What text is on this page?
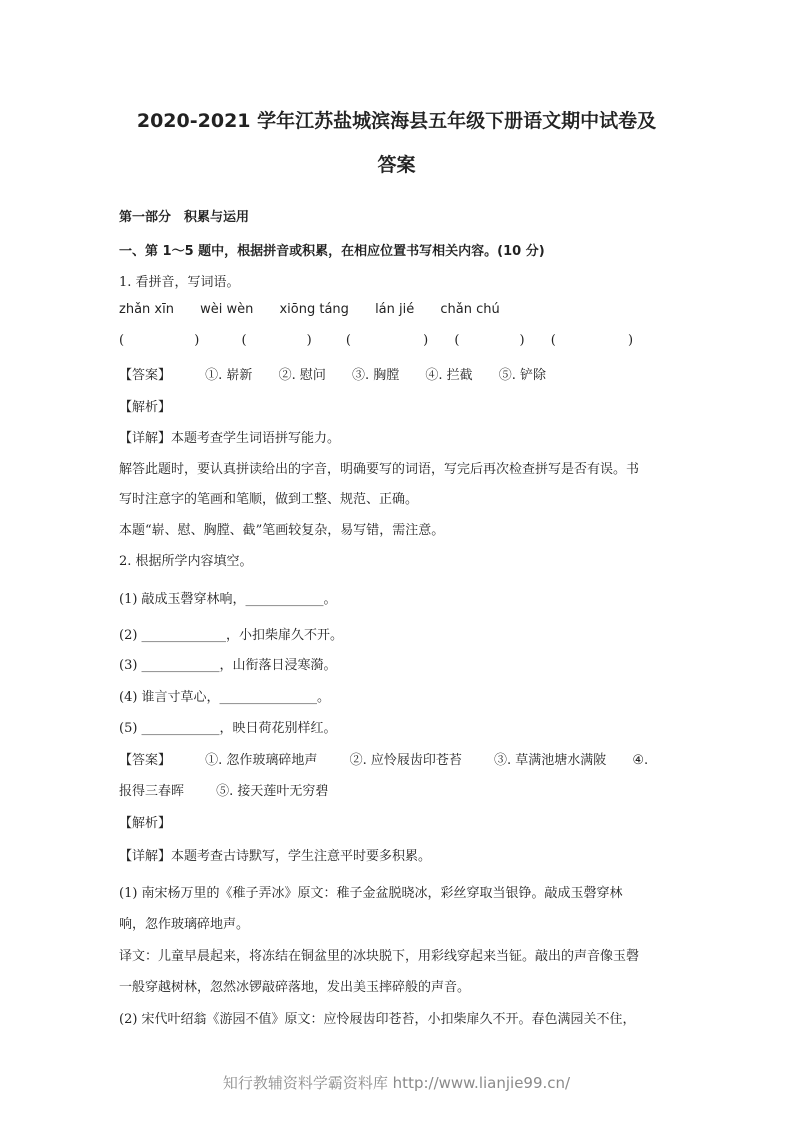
2020-2021 学年江苏盐城滨海县五年级下册语文期中试卷及
答案
第一部分　积累与运用
一、第 1～5 题中，根据拼音或积累，在相应位置书写相关内容。(10 分)
1. 看拼音，写词语。
zhǎn xīn wèi wèn xiōng táng lán jié chǎn chú
(	)	(	)	(	) (	) (	)
【答案】	①. 崭新 ②. 慰问 ③. 胸膛 ④. 拦截 ⑤. 铲除
【解析】
【详解】本题考查学生词语拼写能力。
解答此题时，要认真拼读给出的字音，明确要写的词语，写完后再次检查拼写是否有误。书
写时注意字的笔画和笔顺，做到工整、规范、正确。
本题“崭、慰、胸膛、截”笔画较复杂，易写错，需注意。
2. 根据所学内容填空。
(1) 敲成玉磬穿林响，____________。
(2) _____________，小扣柴扉久不开。
(3) ____________，山衔落日浸寒漪。
(4) 谁言寸草心，_______________。
(5) ____________，映日荷花别样红。
【答案】	①. 忽作玻璃碎地声 ②. 应怜屐齿印苍苔 ③. 草满池塘水满陂 ④.
报得三春晖 ⑤. 接天莲叶无穷碧
【解析】
【详解】本题考查古诗默写，学生注意平时要多积累。
(1) 南宋杨万里的《稚子弄冰》原文：稚子金盆脱晓冰，彩丝穿取当银铮。敲成玉磬穿林
响，忽作玻璃碎地声。
译文：儿童早晨起来，将冻结在铜盆里的冰块脱下，用彩线穿起来当钲。敲出的声音像玉磬
一般穿越树林，忽然冰锣敲碎落地，发出美玉摔碎般的声音。
(2) 宋代叶绍翁《游园不值》原文：应怜屐齿印苍苔，小扣柴扉久不开。春色满园关不住，
知行教辅资料学霸资料库 http://www.lianjie99.cn/
